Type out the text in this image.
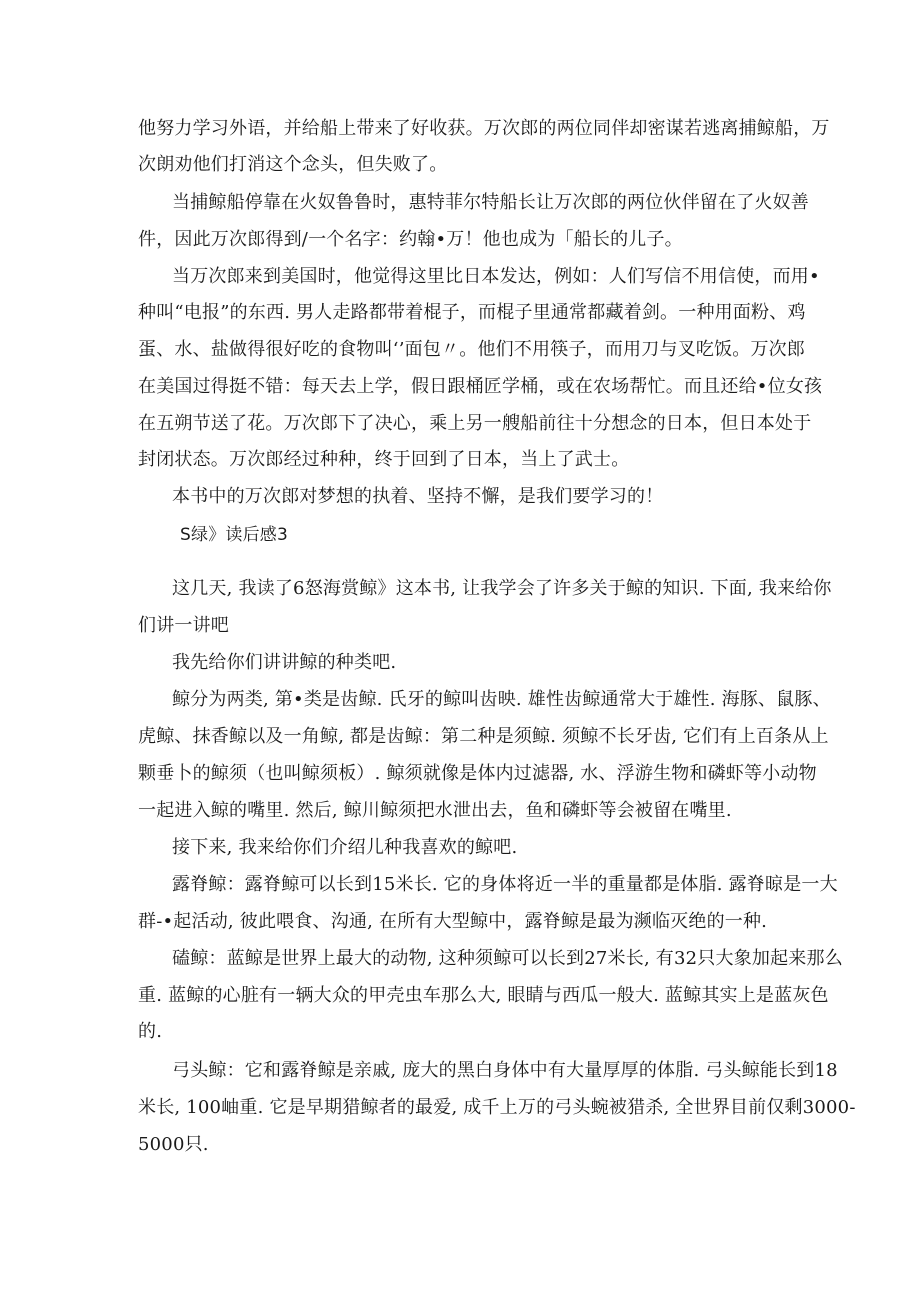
他努力学习外语，并给船上带来了好收获。万次郎的两位同伴却密谋若逃离捕鲸船，万
次朗劝他们打消这个念头，但失败了。
当捕鲸船停靠在火奴鲁鲁时，惠特菲尔特船长让万次郎的两位伙伴留在了火奴善
件，因此万次郎得到/一个名字：约翰•万！他也成为「船长的儿子。
当万次郎来到美国时，他觉得这里比日本发达，例如：人们写信不用信使，而用•
种叫“电报”的东西. 男人走路都带着棍子，而棍子里通常都藏着剑。一种用面粉、鸡
蛋、水、盐做得很好吃的食物叫‘’面包〃。他们不用筷子，而用刀与叉吃饭。万次郎
在美国过得挺不错：每天去上学，假日跟桶匠学桶，或在农场帮忙。而且还给•位女孩
在五朔节送了花。万次郎下了决心，乘上另一艘船前往十分想念的日本，但日本处于
封闭状态。万次郎经过种种，终于回到了日本，当上了武士。
本书中的万次郎对梦想的执着、坚持不懈，是我们要学习的！
S绿》读后感3
这几天, 我读了6怒海赏鲸》这本书, 让我学会了许多关于鲸的知识. 下面, 我来给你
们讲一讲吧
我先给你们讲讲鲸的种类吧.
鲸分为两类, 第•类是齿鲸. 氏牙的鲸叫齿映. 雄性齿鲸通常大于雄性. 海豚、鼠豚、
虎鲸、抹香鲸以及一角鲸, 都是齿鲸：第二种是须鲸. 须鲸不长牙齿, 它们有上百条从上
颗垂卜的鲸须（也叫鲸须板）. 鲸须就像是体内过滤器, 水、浮游生物和磷虾等小动物
一起进入鲸的嘴里. 然后, 鲸川鲸须把水泄出去，鱼和磷虾等会被留在嘴里.
接下来, 我来给你们介绍儿种我喜欢的鲸吧.
露脊鲸：露脊鲸可以长到15米长. 它的身体将近一半的重量都是体脂. 露脊晾是一大
群-•起活动, 彼此喂食、沟通, 在所有大型鲸中，露脊鲸是最为濒临灭绝的一种.
磕鲸：蓝鲸是世界上最大的动物, 这种须鲸可以长到27米长, 有32只大象加起来那么
重. 蓝鲸的心脏有一辆大众的甲壳虫车那么大, 眼睛与西瓜一般大. 蓝鲸其实上是蓝灰色
的.
弓头鲸：它和露脊鲸是亲戚, 庞大的黑白身体中有大量厚厚的体脂. 弓头鲸能长到18
米长, 100岫重. 它是早期猎鲸者的最爱, 成千上万的弓头蜿被猎杀, 全世界目前仅剩3000-
5000只.
